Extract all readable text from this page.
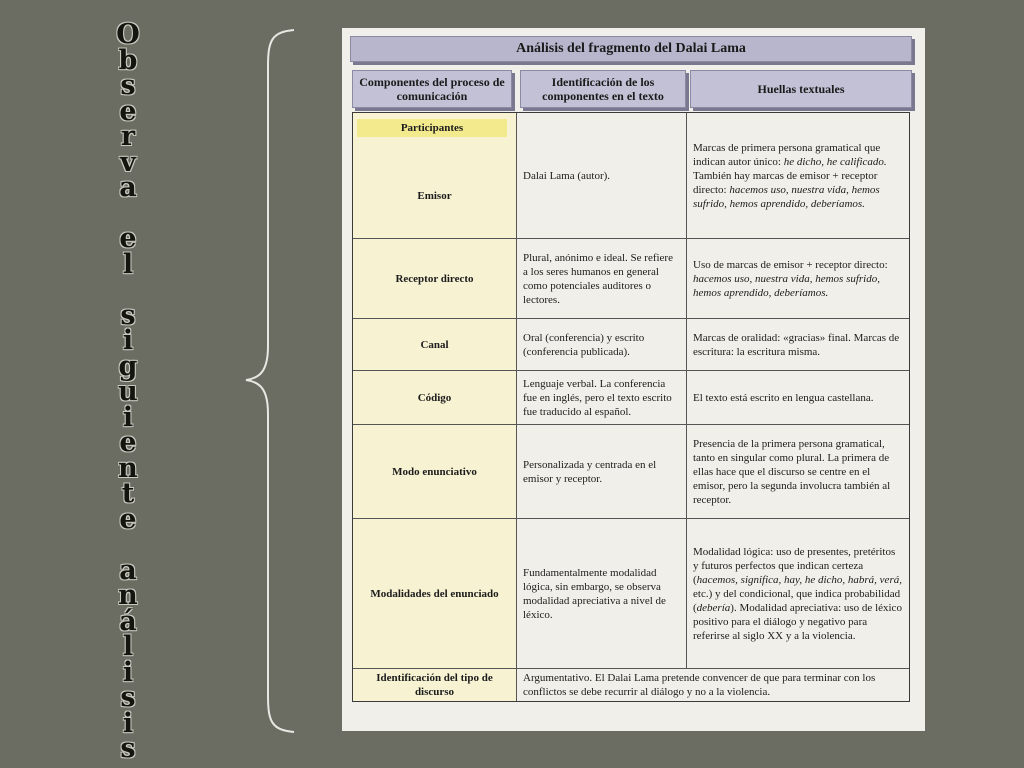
O
b
s
e
r
v
a
e
l
s
i
g
u
i
e
n
t
e
a
n
á
l
i
s
i
s
Análisis del fragmento del Dalai Lama
Componentes del proceso de comunicación
Identificación de los componentes en el texto	Huellas textuales
Participantes
Emisor
Dalai Lama (autor).
Marcas de primera persona gramatical que indican autor único: he dicho, he calificado. También hay marcas de emisor + receptor directo: hacemos uso, nuestra vida, hemos sufrido, hemos aprendido, deberíamos.
Receptor directo
Plural, anónimo e ideal. Se refiere a los seres humanos en general como potenciales auditores o lectores.
Uso de marcas de emisor + receptor directo: hacemos uso, nuestra vida, hemos sufrido, hemos aprendido, deberíamos.
Canal
Oral (conferencia) y escrito (conferencia publicada).
Marcas de oralidad: «gracias» final. Marcas de escritura: la escritura misma.
Código
Lenguaje verbal. La conferencia fue en inglés, pero el texto escrito fue traducido al español.
El texto está escrito en lengua castellana.
Modo enunciativo
Personalizada y centrada en el emisor y receptor.
Presencia de la primera persona gramatical, tanto en singular como plural. La primera de ellas hace que el discurso se centre en el emisor, pero la segunda involucra también al receptor.
Modalidades del enunciado
Fundamentalmente modalidad lógica, sin embargo, se observa modalidad apreciativa a nivel de léxico.
Modalidad lógica: uso de presentes, pretéritos y futuros perfectos que indican certeza (hacemos, significa, hay, he dicho, habrá, verá, etc.) y del condicional, que indica probabilidad (debería). Modalidad apreciativa: uso de léxico positivo para el diálogo y negativo para referirse al siglo XX y a la violencia.
Identificación del tipo de discurso
Argumentativo. El Dalai Lama pretende convencer de que para terminar con los conflictos se debe recurrir al diálogo y no a la violencia.
